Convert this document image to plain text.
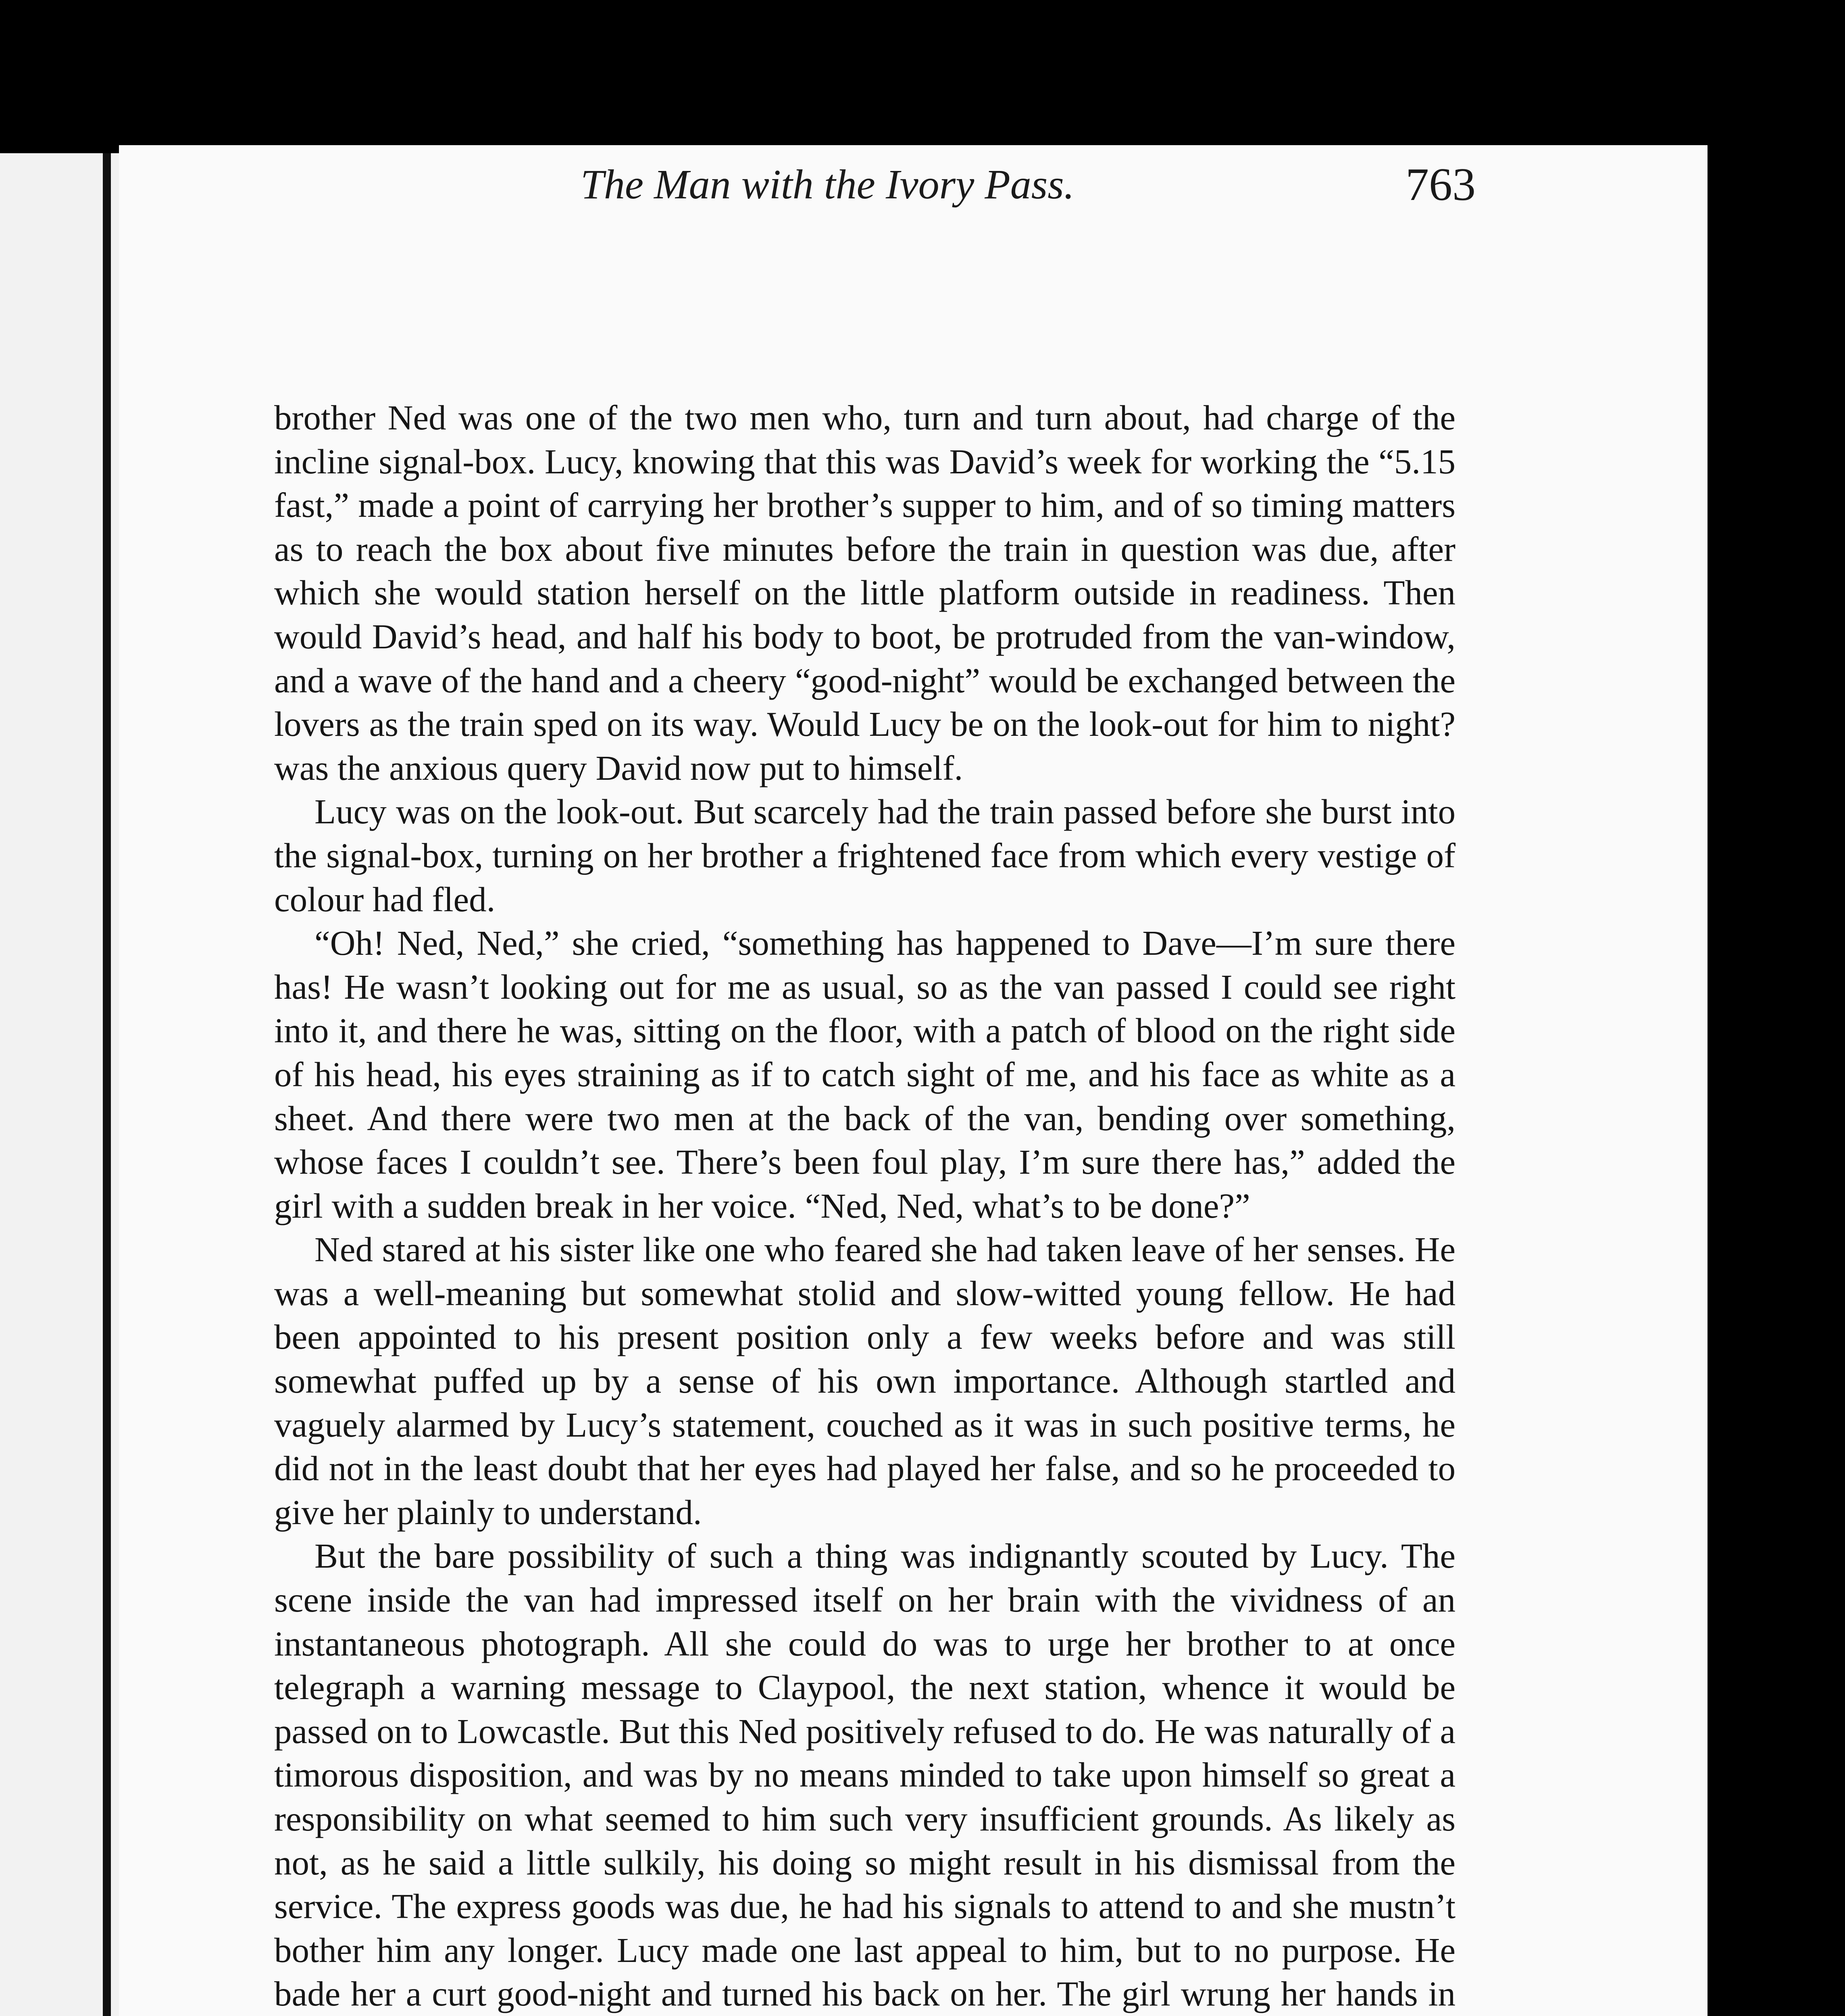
The Man with the Ivory Pass.	763

brother Ned was one of the two men who, turn and turn about, had charge of the incline signal-box. Lucy, knowing that this was David’s week for working the “5.15 fast,” made a point of carrying her brother’s supper to him, and of so timing matters as to reach the box about five minutes before the train in question was due, after which she would station herself on the little platform outside in readiness. Then would David’s head, and half his body to boot, be protruded from the van-window, and a wave of the hand and a cheery “good-night” would be exchanged between the lovers as the train sped on its way. Would Lucy be on the look-out for him to night? was the anxious query David now put to himself.

Lucy was on the look-out. But scarcely had the train passed before she burst into the signal-box, turning on her brother a frightened face from which every vestige of colour had fled.

“Oh! Ned, Ned,” she cried, “something has happened to Dave—I’m sure there has! He wasn’t looking out for me as usual, so as the van passed I could see right into it, and there he was, sitting on the floor, with a patch of blood on the right side of his head, his eyes straining as if to catch sight of me, and his face as white as a sheet. And there were two men at the back of the van, bending over something, whose faces I couldn’t see. There’s been foul play, I’m sure there has,” added the girl with a sudden break in her voice. “Ned, Ned, what’s to be done?”

Ned stared at his sister like one who feared she had taken leave of her senses. He was a well-meaning but somewhat stolid and slow-witted young fellow. He had been appointed to his present position only a few weeks before and was still somewhat puffed up by a sense of his own importance. Although startled and vaguely alarmed by Lucy’s statement, couched as it was in such positive terms, he did not in the least doubt that her eyes had played her false, and so he proceeded to give her plainly to understand.

But the bare possibility of such a thing was indignantly scouted by Lucy. The scene inside the van had impressed itself on her brain with the vividness of an instantaneous photograph. All she could do was to urge her brother to at once telegraph a warning message to Claypool, the next station, whence it would be passed on to Lowcastle. But this Ned positively refused to do. He was naturally of a timorous disposition, and was by no means minded to take upon himself so great a responsibility on what seemed to him such very insufficient grounds. As likely as not, as he said a little sulkily, his doing so might result in his dismissal from the service. The express goods was due, he had his signals to attend to and she mustn’t bother him any longer. Lucy made one last appeal to him, but to no purpose. He bade her a curt good-night and turned his back on her. The girl wrung her hands in
